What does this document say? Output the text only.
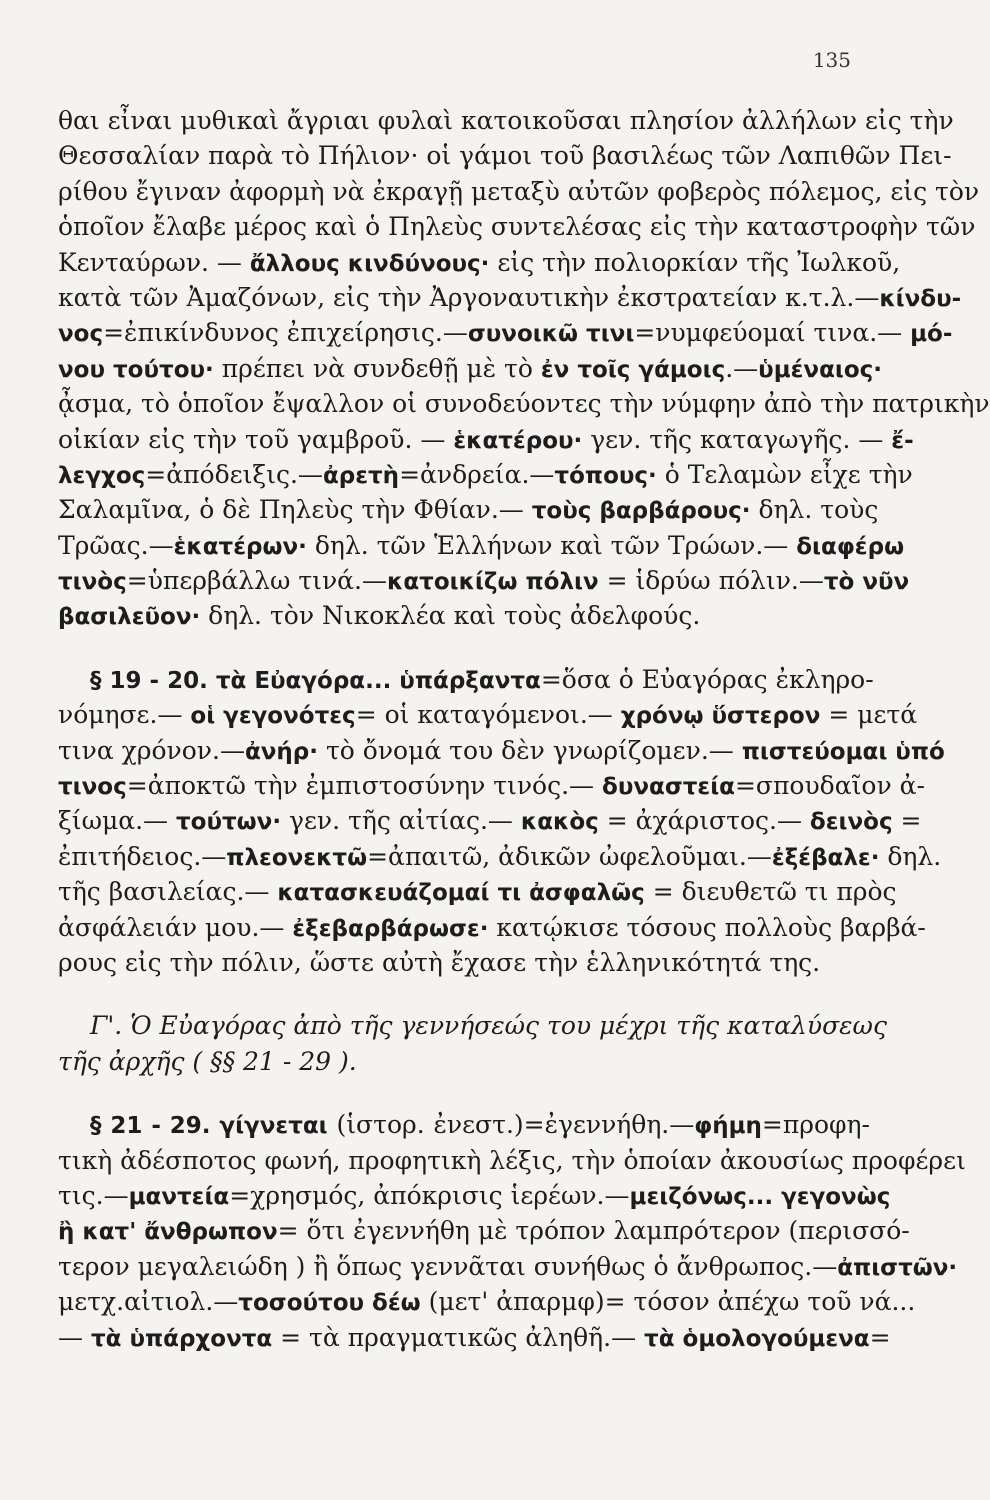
135
θαι εἶναι μυθικαὶ ἄγριαι φυλαὶ κατοικοῦσαι πλησίον ἀλλήλων εἰς τὴν
Θεσσαλίαν παρὰ τὸ Πήλιον· οἱ γάμοι τοῦ βασιλέως τῶν Λαπιθῶν Πει-
ρίθου ἔγιναν ἀφορμὴ νὰ ἐκραγῇ μεταξὺ αὐτῶν φοβερὸς πόλεμος, εἰς τὸν
ὁποῖον ἔλαβε μέρος καὶ ὁ Πηλεὺς συντελέσας εἰς τὴν καταστροφὴν τῶν
Κενταύρων. — ἄλλους κινδύνους· εἰς τὴν πολιορκίαν τῆς Ἰωλκοῦ,
κατὰ τῶν Ἀμαζόνων, εἰς τὴν Ἀργοναυτικὴν ἐκστρατείαν κ.τ.λ.—κίνδυ-
νος=ἐπικίνδυνος ἐπιχείρησις.—συνοικῶ τινι=νυμφεύομαί τινα.— μό-
νου τούτου· πρέπει νὰ συνδεθῇ μὲ τὸ ἐν τοῖς γάμοις.—ὑμέναιος·
ᾆσμα, τὸ ὁποῖον ἔψαλλον οἱ συνοδεύοντες τὴν νύμφην ἀπὸ τὴν πατρικὴν
οἰκίαν εἰς τὴν τοῦ γαμβροῦ. — ἑκατέρου· γεν. τῆς καταγωγῆς. — ἔ-
λεγχος=ἀπόδειξις.—ἀρετὴ=ἀνδρεία.—τόπους· ὁ Τελαμὼν εἶχε τὴν
Σαλαμῖνα, ὁ δὲ Πηλεὺς τὴν Φθίαν.— τοὺς βαρβάρους· δηλ. τοὺς
Τρῶας.—ἑκατέρων· δηλ. τῶν Ἑλλήνων καὶ τῶν Τρώων.— διαφέρω
τινὸς=ὑπερβάλλω τινά.—κατοικίζω πόλιν = ἱδρύω πόλιν.—τὸ νῦν
βασιλεῦον· δηλ. τὸν Νικοκλέα καὶ τοὺς ἀδελφούς.
§ 19 - 20. τὰ Εὐαγόρα... ὑπάρξαντα=ὅσα ὁ Εὐαγόρας ἐκληρο-
νόμησε.— οἱ γεγονότες= οἱ καταγόμενοι.— χρόνῳ ὕστερον = μετά
τινα χρόνον.—ἀνήρ· τὸ ὄνομά του δὲν γνωρίζομεν.— πιστεύομαι ὑπό
τινος=ἀποκτῶ τὴν ἐμπιστοσύνην τινός.— δυναστεία=σπουδαῖον ἀ-
ξίωμα.— τούτων· γεν. τῆς αἰτίας.— κακὸς = ἀχάριστος.— δεινὸς =
ἐπιτήδειος.—πλεονεκτῶ=ἀπαιτῶ, ἀδικῶν ὠφελοῦμαι.—ἐξέβαλε· δηλ.
τῆς βασιλείας.— κατασκευάζομαί τι ἀσφαλῶς = διευθετῶ τι πρὸς
ἀσφάλειάν μου.— ἐξεβαρβάρωσε· κατῴκισε τόσους πολλοὺς βαρβά-
ρους εἰς τὴν πόλιν, ὥστε αὐτὴ ἔχασε τὴν ἑλληνικότητά της.
Γ'. Ὁ Εὐαγόρας ἀπὸ τῆς γεννήσεώς του μέχρι τῆς καταλύσεως
τῆς ἀρχῆς ( §§ 21 - 29 ).
§ 21 - 29. γίγνεται (ἱστορ. ἐνεστ.)=ἐγεννήθη.—φήμη=προφη-
τικὴ ἀδέσποτος φωνή, προφητικὴ λέξις, τὴν ὁποίαν ἀκουσίως προφέρει
τις.—μαντεία=χρησμός, ἀπόκρισις ἱερέων.—μειζόνως... γεγονὼς
ἢ κατ' ἄνθρωπον= ὅτι ἐγεννήθη μὲ τρόπον λαμπρότερον (περισσό-
τερον μεγαλειώδη ) ἢ ὅπως γεννᾶται συνήθως ὁ ἄνθρωπος.—ἀπιστῶν·
μετχ.αἰτιολ.—τοσούτου δέω (μετ' ἀπαρμφ)= τόσον ἀπέχω τοῦ νά...
— τὰ ὑπάρχοντα = τὰ πραγματικῶς ἀληθῆ.— τὰ ὁμολογούμενα=
